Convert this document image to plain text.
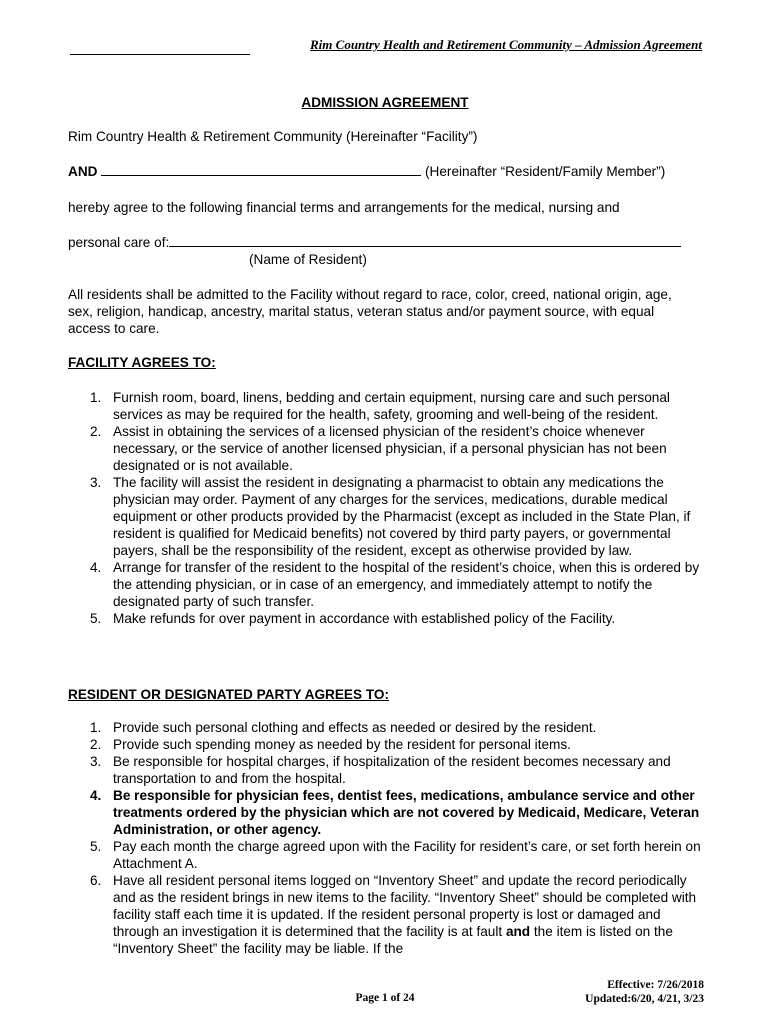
Rim Country Health and Retirement Community – Admission Agreement
ADMISSION AGREEMENT
Rim Country Health & Retirement Community (Hereinafter “Facility”)
AND	(Hereinafter “Resident/Family Member”)
hereby agree to the following financial terms and arrangements for the medical, nursing and
personal care of:
(Name of Resident)
All residents shall be admitted to the Facility without regard to race, color, creed, national origin, age, sex, religion, handicap, ancestry, marital status, veteran status and/or payment source, with equal access to care.
FACILITY AGREES TO:
1. Furnish room, board, linens, bedding and certain equipment, nursing care and such personal services as may be required for the health, safety, grooming and well-being of the resident.
2. Assist in obtaining the services of a licensed physician of the resident’s choice whenever necessary, or the service of another licensed physician, if a personal physician has not been designated or is not available.
3. The facility will assist the resident in designating a pharmacist to obtain any medications the physician may order. Payment of any charges for the services, medications, durable medical equipment or other products provided by the Pharmacist (except as included in the State Plan, if resident is qualified for Medicaid benefits) not covered by third party payers, or governmental payers, shall be the responsibility of the resident, except as otherwise provided by law.
4. Arrange for transfer of the resident to the hospital of the resident’s choice, when this is ordered by the attending physician, or in case of an emergency, and immediately attempt to notify the designated party of such transfer.
5. Make refunds for over payment in accordance with established policy of the Facility.
RESIDENT OR DESIGNATED PARTY AGREES TO:
1. Provide such personal clothing and effects as needed or desired by the resident.
2. Provide such spending money as needed by the resident for personal items.
3. Be responsible for hospital charges, if hospitalization of the resident becomes necessary and transportation to and from the hospital.
4. Be responsible for physician fees, dentist fees, medications, ambulance service and other treatments ordered by the physician which are not covered by Medicaid, Medicare, Veteran Administration, or other agency.
5. Pay each month the charge agreed upon with the Facility for resident’s care, or set forth herein on Attachment A.
6. Have all resident personal items logged on “Inventory Sheet” and update the record periodically and as the resident brings in new items to the facility. “Inventory Sheet” should be completed with facility staff each time it is updated. If the resident personal property is lost or damaged and through an investigation it is determined that the facility is at fault and the item is listed on the “Inventory Sheet” the facility may be liable. If the
Page 1 of 24
Effective: 7/26/2018
Updated:6/20, 4/21, 3/23
